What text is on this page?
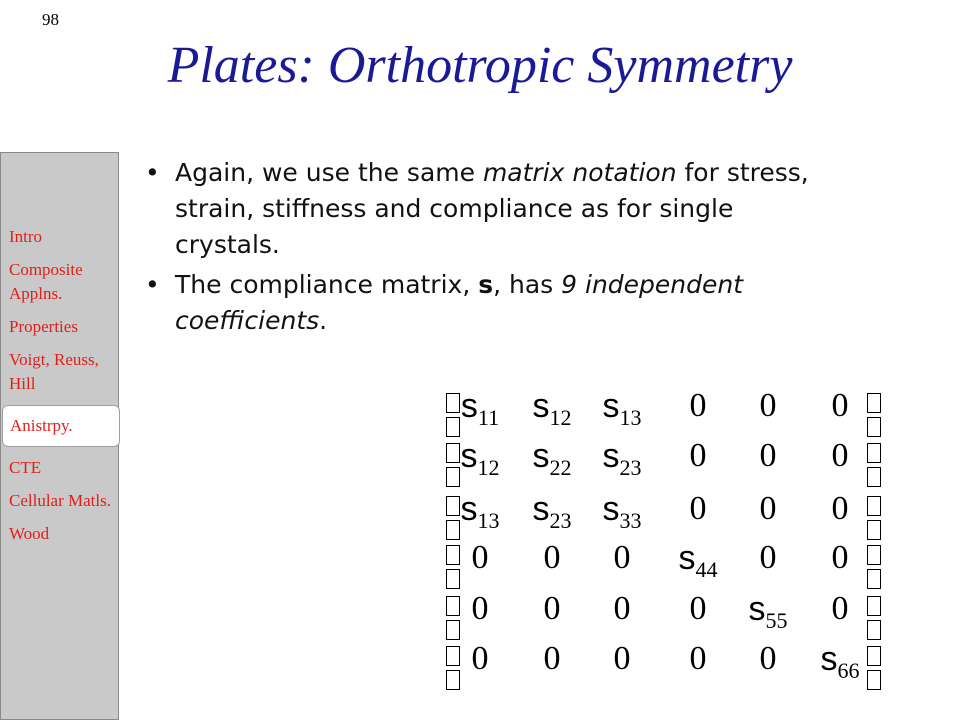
98
Plates: Orthotropic Symmetry
Intro
Composite Applns.
Properties
Voigt, Reuss, Hill
Anistrpy.
CTE
Cellular Matls.
Wood
• Again, we use the same matrix notation for stress, strain, stiffness and compliance as for single crystals.
• The compliance matrix, s, has 9 independent coefficients.
$s_{11}$ $s_{12}$ $s_{13}$	0	0	0
$s_{12}$ $s_{22}$ $s_{23}$	0	0	0
$s_{13}$ $s_{23}$ $s_{33}$	0	0	0
0	0	0	$s_{44}$	0	0
0	0	0	0	$s_{55}$	0
0	0	0	0	0	$s_{66}$
